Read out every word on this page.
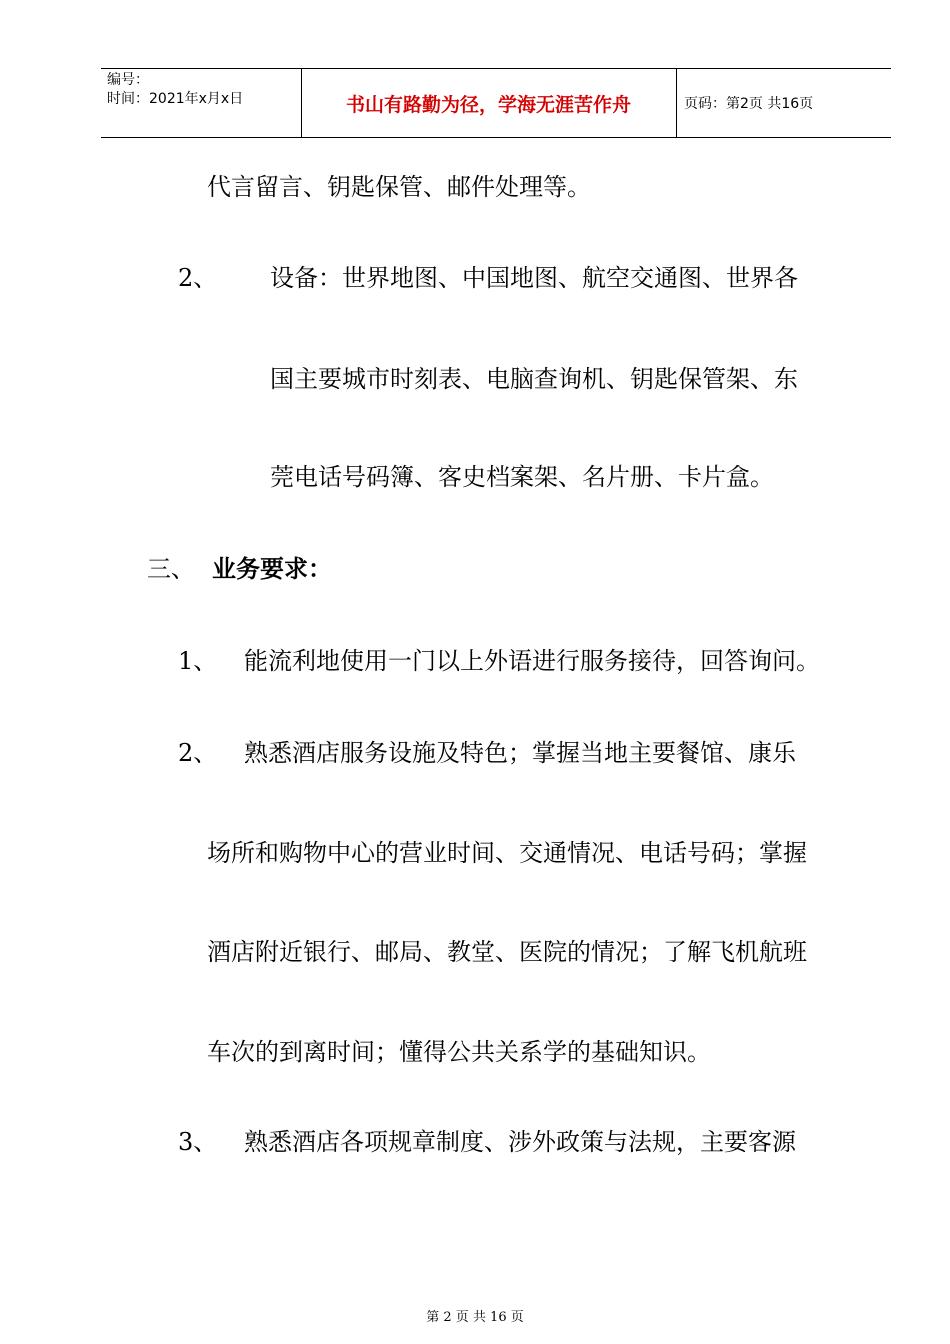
编号：
时间：2021年x月x日	书山有路勤为径，学海无涯苦作舟	页码：第2页 共16页
代言留言、钥匙保管、邮件处理等。
2、 设备：世界地图、中国地图、航空交通图、世界各
国主要城市时刻表、电脑查询机、钥匙保管架、东
莞电话号码簿、客史档案架、名片册、卡片盒。
三、 业务要求：
1、 能流利地使用一门以上外语进行服务接待，回答询问。
2、 熟悉酒店服务设施及特色；掌握当地主要餐馆、康乐
场所和购物中心的营业时间、交通情况、电话号码；掌握
酒店附近银行、邮局、教堂、医院的情况；了解飞机航班
车次的到离时间；懂得公共关系学的基础知识。
3、 熟悉酒店各项规章制度、涉外政策与法规，主要客源
第 2 页 共 16 页
